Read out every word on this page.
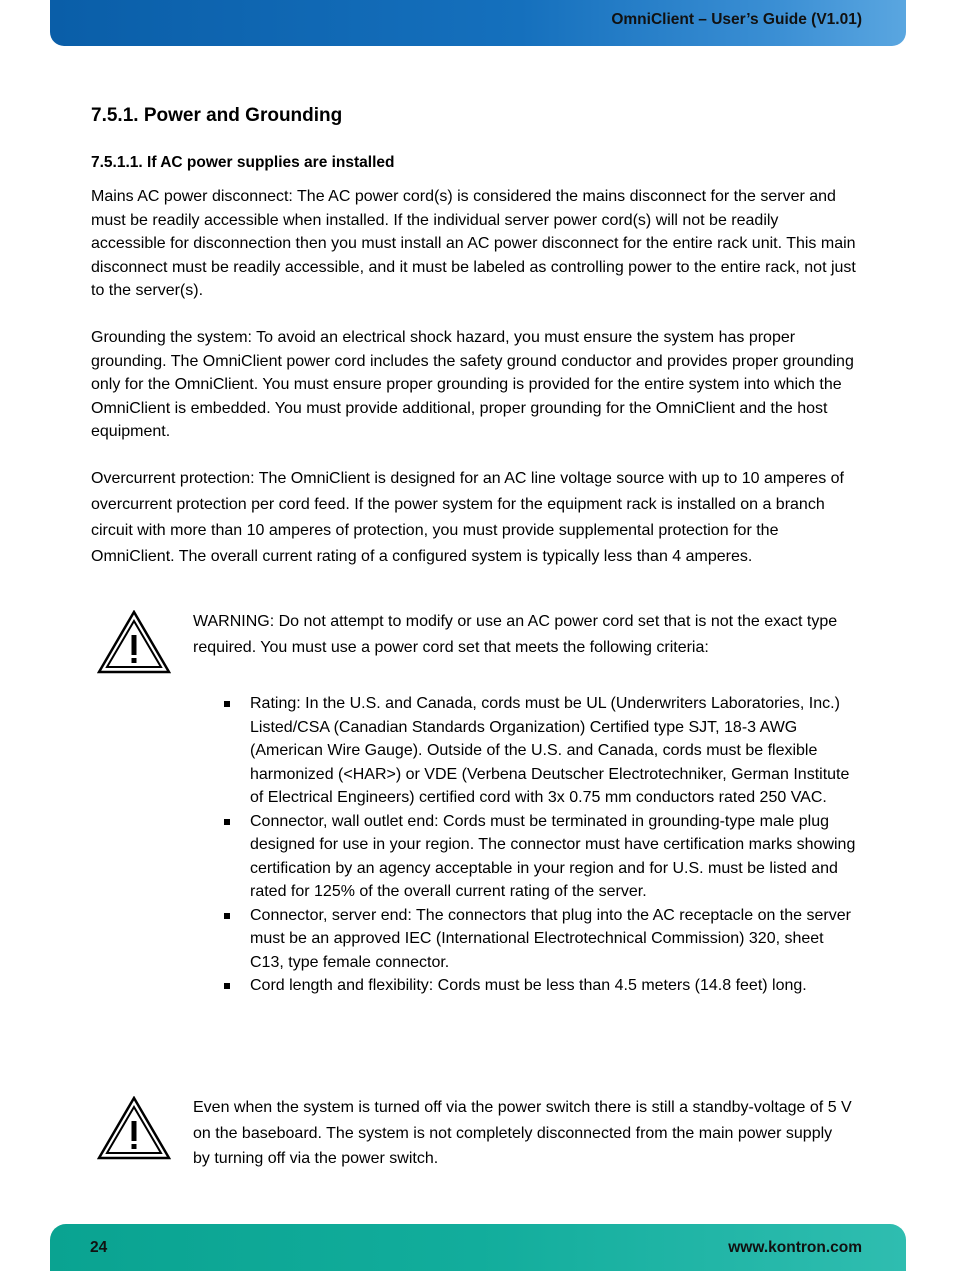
OmniClient – User’s Guide (V1.01)
7.5.1. Power and Grounding
7.5.1.1. If AC power supplies are installed

Mains AC power disconnect: The AC power cord(s) is considered the mains disconnect for the server and must be readily accessible when installed. If the individual server power cord(s) will not be readily accessible for disconnection then you must install an AC power disconnect for the entire rack unit. This main disconnect must be readily accessible, and it must be labeled as controlling power to the entire rack, not just to the server(s).

Grounding the system: To avoid an electrical shock hazard, you must ensure the system has proper grounding. The OmniClient power cord includes the safety ground conductor and provides proper grounding only for the OmniClient. You must ensure proper grounding is provided for the entire system into which the OmniClient is embedded. You must provide additional, proper grounding for the OmniClient and the host equipment.

Overcurrent protection: The OmniClient is designed for an AC line voltage source with up to 10 amperes of overcurrent protection per cord feed. If the power system for the equipment rack is installed on a branch circuit with more than 10 amperes of protection, you must provide supplemental protection for the OmniClient. The overall current rating of a configured system is typically less than 4 amperes.

WARNING: Do not attempt to modify or use an AC power cord set that is not the exact type required. You must use a power cord set that meets the following criteria:

Rating: In the U.S. and Canada, cords must be UL (Underwriters Laboratories, Inc.) Listed/CSA (Canadian Standards Organization) Certified type SJT, 18-3 AWG (American Wire Gauge). Outside of the U.S. and Canada, cords must be flexible harmonized (<HAR>) or VDE (Verbena Deutscher Electrotechniker, German Institute of Electrical Engineers) certified cord with 3x 0.75 mm conductors rated 250 VAC.
Connector, wall outlet end: Cords must be terminated in grounding-type male plug designed for use in your region. The connector must have certification marks showing certification by an agency acceptable in your region and for U.S. must be listed and rated for 125% of the overall current rating of the server.
Connector, server end: The connectors that plug into the AC receptacle on the server must be an approved IEC (International Electrotechnical Commission) 320, sheet C13, type female connector.
Cord length and flexibility: Cords must be less than 4.5 meters (14.8 feet) long.

Even when the system is turned off via the power switch there is still a standby-voltage of 5 V on the baseboard. The system is not completely disconnected from the main power supply by turning off via the power switch.

24	www.kontron.com
